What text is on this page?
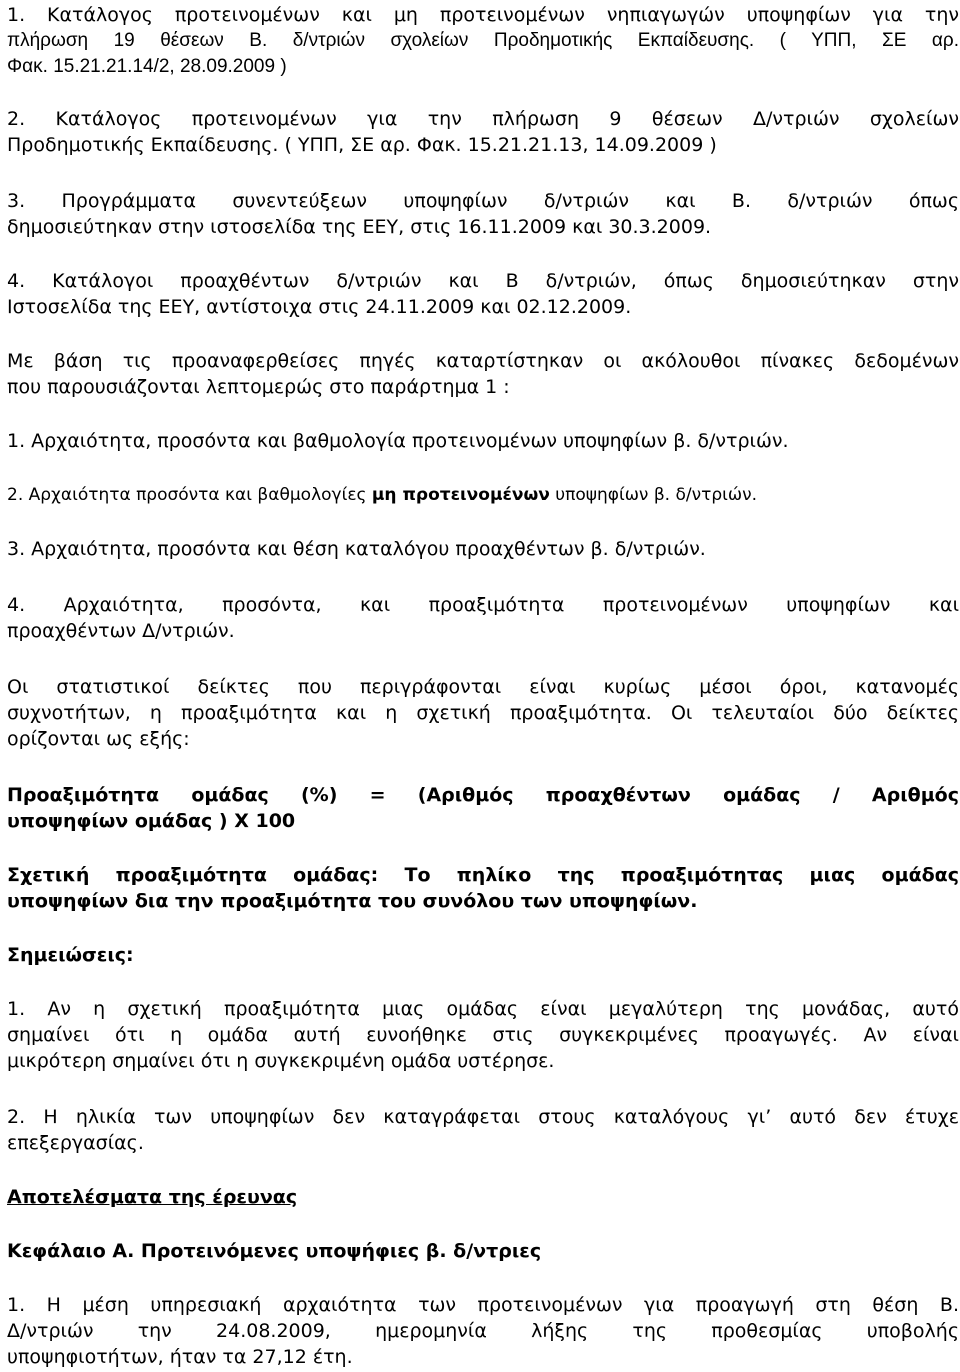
1. Κατάλογος προτεινομένων και μη προτεινομένων νηπιαγωγών υποψηφίων για την
πλήρωση 19 θέσεων Β. δ/ντριών σχολείων Προδημοτικής Εκπαίδευσης. ( ΥΠΠ, ΣΕ αρ.
Φακ. 15.21.21.14/2, 28.09.2009 )
2. Κατάλογος προτεινομένων για την πλήρωση 9 θέσεων Δ/ντριών σχολείων
Προδημοτικής Εκπαίδευσης. ( ΥΠΠ, ΣΕ αρ. Φακ. 15.21.21.13, 14.09.2009 )
3. Προγράμματα συνεντεύξεων υποψηφίων δ/ντριών και Β. δ/ντριών όπως
δημοσιεύτηκαν στην ιστοσελίδα της ΕΕΥ, στις 16.11.2009 και 30.3.2009.
4. Κατάλογοι προαχθέντων δ/ντριών και Β δ/ντριών, όπως δημοσιεύτηκαν στην
Ιστοσελίδα της ΕΕΥ, αντίστοιχα στις 24.11.2009 και 02.12.2009.
Με βάση τις προαναφερθείσες πηγές καταρτίστηκαν οι ακόλουθοι πίνακες δεδομένων
που παρουσιάζονται λεπτομερώς στο παράρτημα 1 :
1. Αρχαιότητα, προσόντα και βαθμολογία προτεινομένων υποψηφίων β. δ/ντριών.
2. Αρχαιότητα προσόντα και βαθμολογίες μη προτεινομένων υποψηφίων β. δ/ντριών.
3. Αρχαιότητα, προσόντα και θέση καταλόγου προαχθέντων β. δ/ντριών.
4. Αρχαιότητα, προσόντα, και προαξιμότητα προτεινομένων υποψηφίων και
προαχθέντων Δ/ντριών.
Οι στατιστικοί δείκτες που περιγράφονται είναι κυρίως μέσοι όροι, κατανομές
συχνοτήτων, η προαξιμότητα και η σχετική προαξιμότητα. Οι τελευταίοι δύο δείκτες
ορίζονται ως εξής:
Προαξιμότητα ομάδας (%) = (Αριθμός προαχθέντων ομάδας / Αριθμός
υποψηφίων ομάδας ) Χ 100
Σχετική προαξιμότητα ομάδας: Το πηλίκο της προαξιμότητας μιας ομάδας
υποψηφίων δια την προαξιμότητα του συνόλου των υποψηφίων.
Σημειώσεις:
1. Αν η σχετική προαξιμότητα μιας ομάδας είναι μεγαλύτερη της μονάδας, αυτό
σημαίνει ότι η ομάδα αυτή ευνοήθηκε στις συγκεκριμένες προαγωγές. Αν είναι
μικρότερη σημαίνει ότι η συγκεκριμένη ομάδα υστέρησε.
2. Η ηλικία των υποψηφίων δεν καταγράφεται στους καταλόγους γι’ αυτό δεν έτυχε
επεξεργασίας.
Αποτελέσματα της έρευνας
Κεφάλαιο Α. Προτεινόμενες υποψήφιες β. δ/ντριες
1. Η μέση υπηρεσιακή αρχαιότητα των προτεινομένων για προαγωγή στη θέση Β.
Δ/ντριών την 24.08.2009, ημερομηνία λήξης της προθεσμίας υποβολής
υποψηφιοτήτων, ήταν τα 27,12 έτη.
